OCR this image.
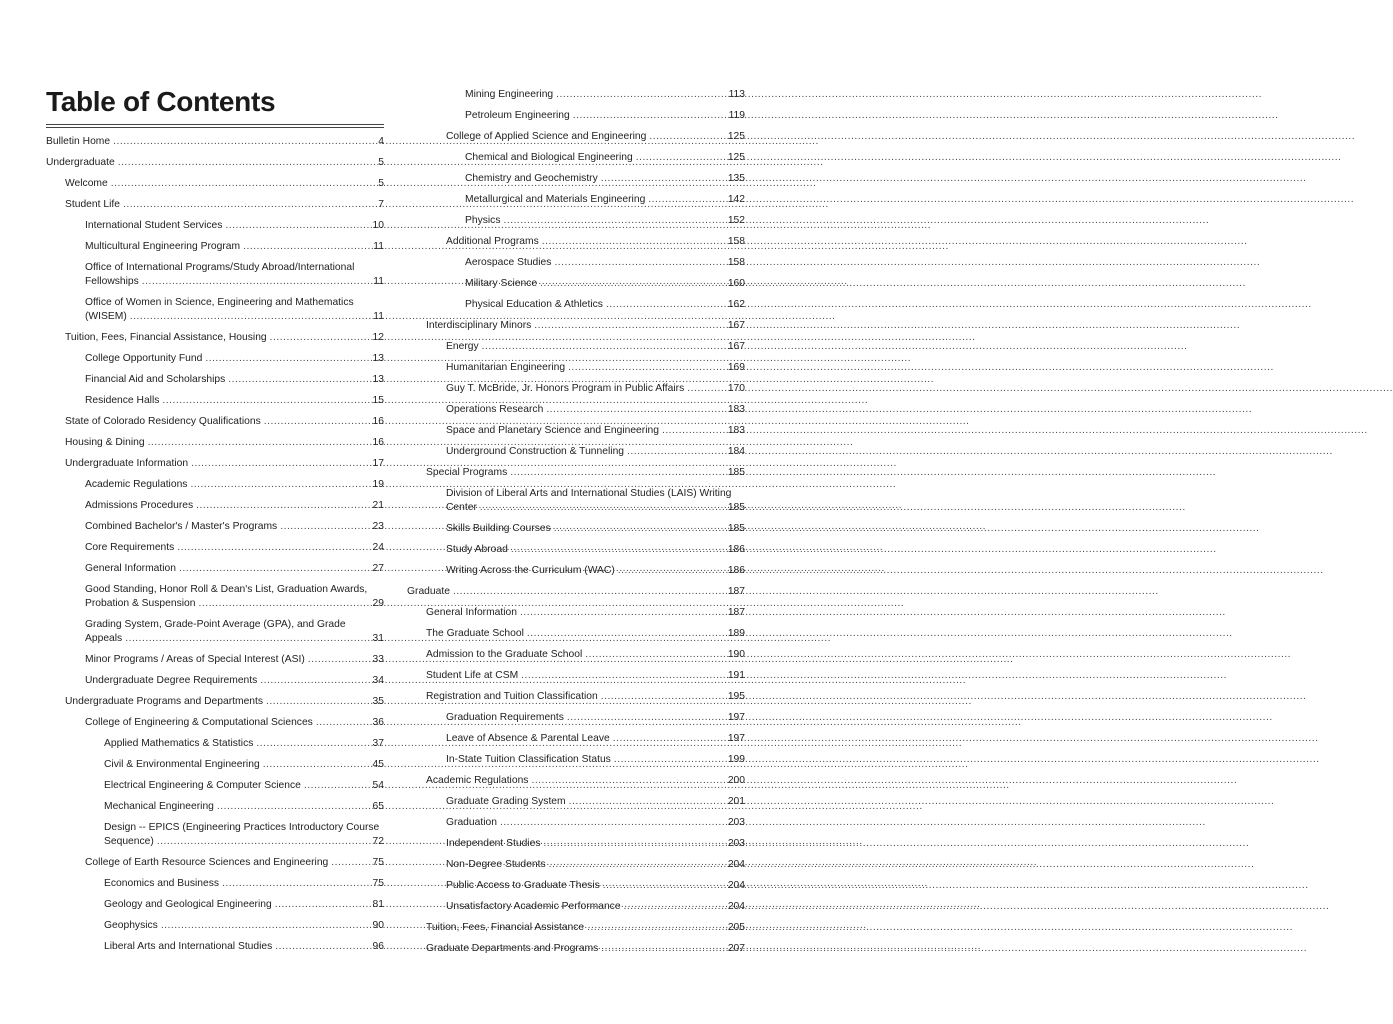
Table of Contents
Bulletin Home .....	4
Undergraduate .....	5
Welcome .....	5
Student Life .....	7
International Student Services .....	10
Multicultural Engineering Program .....	11
Office of International Programs/Study Abroad/International
Fellowships .....	11
Office of Women in Science, Engineering and Mathematics
(WISEM) .....	11
Tuition, Fees, Financial Assistance, Housing .....	12
College Opportunity Fund .....	13
Financial Aid and Scholarships .....	13
Residence Halls .....	15
State of Colorado Residency Qualifications .....	16
Housing & Dining .....	16
Undergraduate Information .....	17
Academic Regulations .....	19
Admissions Procedures .....	21
Combined Bachelor's / Master's Programs .....	23
Core Requirements .....	24
General Information .....	27
Good Standing, Honor Roll & Dean's List, Graduation Awards,
Probation & Suspension .....	29
Grading System, Grade-Point Average (GPA), and Grade
Appeals .....	31
Minor Programs / Areas of Special Interest (ASI) .....	33
Undergraduate Degree Requirements .....	34
Undergraduate Programs and Departments .....	35
College of Engineering & Computational Sciences .....	36
Applied Mathematics & Statistics .....	37
Civil & Environmental Engineering .....	45
Electrical Engineering & Computer Science .....	54
Mechanical Engineering .....	65
Design -- EPICS (Engineering Practices Introductory Course
Sequence) .....	72
College of Earth Resource Sciences and Engineering .....	75
Economics and Business .....	75
Geology and Geological Engineering .....	81
Geophysics .....	90
Liberal Arts and International Studies .....	96
Mining Engineering .....	113
Petroleum Engineering .....	119
College of Applied Science and Engineering .....	125
Chemical and Biological Engineering .....	125
Chemistry and Geochemistry .....	135
Metallurgical and Materials Engineering .....	142
Physics .....	152
Additional Programs .....	158
Aerospace Studies .....	158
Military Science .....	160
Physical Education & Athletics .....	162
Interdisciplinary Minors .....	167
Energy .....	167
Humanitarian Engineering .....	169
Guy T. McBride, Jr. Honors Program in Public Affairs .....	170
Operations Research .....	183
Space and Planetary Science and Engineering .....	183
Underground Construction & Tunneling .....	184
Special Programs .....	185
Division of Liberal Arts and International Studies (LAIS) Writing
Center .....	185
Skills Building Courses .....	185
Study Abroad .....	186
Writing Across the Curriculum (WAC) .....	186
Graduate .....	187
General Information .....	187
The Graduate School .....	189
Admission to the Graduate School .....	190
Student Life at CSM .....	191
Registration and Tuition Classification .....	195
Graduation Requirements .....	197
Leave of Absence & Parental Leave .....	197
In-State Tuition Classification Status .....	199
Academic Regulations .....	200
Graduate Grading System .....	201
Graduation .....	203
Independent Studies .....	203
Non-Degree Students .....	204
Public Access to Graduate Thesis .....	204
Unsatisfactory Academic Performance .....	204
Tuition, Fees, Financial Assistance .....	205
Graduate Departments and Programs .....	207
